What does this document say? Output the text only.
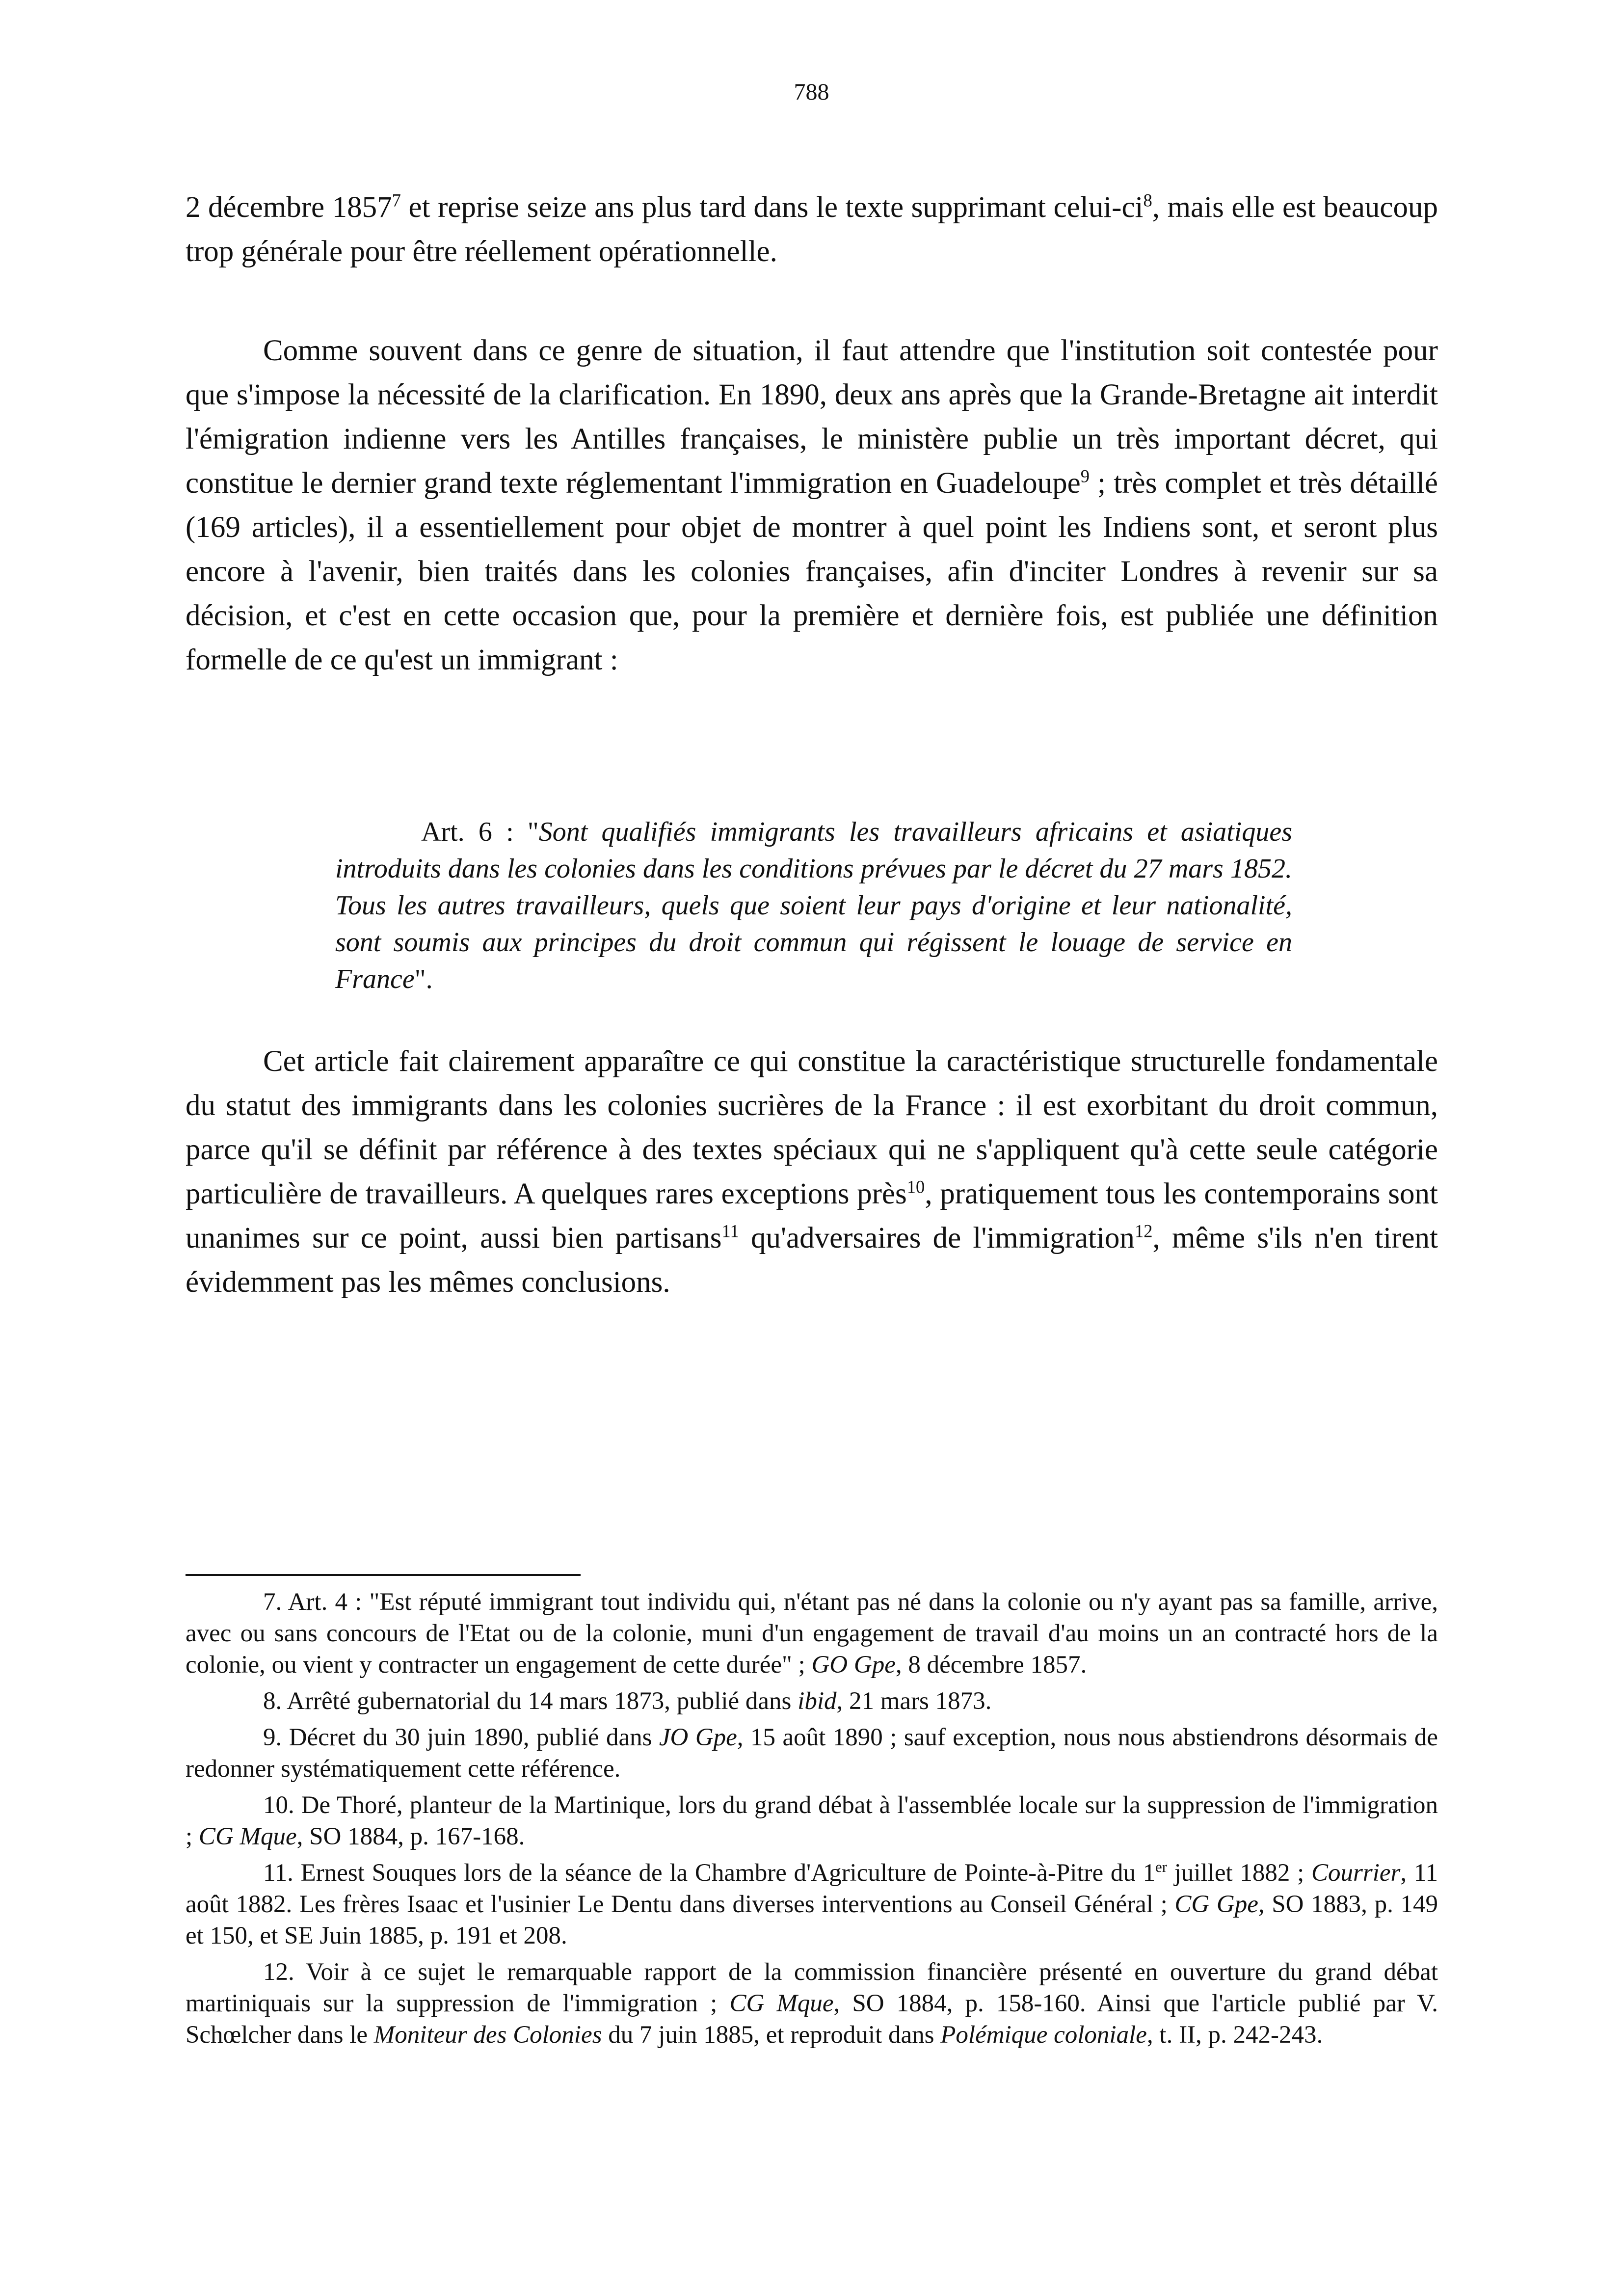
788

2 décembre 1857$^7$ et reprise seize ans plus tard dans le texte supprimant celui-$ci^8$, mais elle est beaucoup trop générale pour être réellement opérationnelle.

Comme souvent dans ce genre de situation, il faut attendre que l'institution soit contestée pour que s'impose la nécessité de la clarification. En 1890, deux ans après que la Grande-Bretagne ait interdit l'émigration indienne vers les Antilles françaises, le ministère publie un très important décret, qui constitue le dernier grand texte réglementant l'immigration en Guadeloupe$^9$ ; très complet et très détaillé (169 articles), il a essentiellement pour objet de montrer à quel point les Indiens sont, et seront plus encore à l'avenir, bien traités dans les colonies françaises, afin d'inciter Londres à revenir sur sa décision, et c'est en cette occasion que, pour la première et dernière fois, est publiée une définition formelle de ce qu'est un immigrant :

Art. 6 : "Sont qualifiés immigrants les travailleurs africains et asiatiques introduits dans les colonies dans les conditions prévues par le décret du 27 mars 1852. Tous les autres travailleurs, quels que soient leur pays d'origine et leur nationalité, sont soumis aux principes du droit commun qui régissent le louage de service en France".

Cet article fait clairement apparaître ce qui constitue la caractéristique structurelle fondamentale du statut des immigrants dans les colonies sucrières de la France : il est exorbitant du droit commun, parce qu'il se définit par référence à des textes spéciaux qui ne s'appliquent qu'à cette seule catégorie particulière de travailleurs. A quelques rares exceptions près$^{10}$, pratiquement tous les contemporains sont unanimes sur ce point, aussi bien partisans$^{11}$ qu'adversaires de l'immigration$^{12}$, même s'ils n'en tirent évidemment pas les mêmes conclusions.

7. Art. 4 : "Est réputé immigrant tout individu qui, n'étant pas né dans la colonie ou n'y ayant pas sa famille, arrive, avec ou sans concours de l'Etat ou de la colonie, muni d'un engagement de travail d'au moins un an contracté hors de la colonie, ou vient y contracter un engagement de cette durée" ; GO Gpe, 8 décembre 1857.

8. Arrêté gubernatorial du 14 mars 1873, publié dans ibid, 21 mars 1873.

9. Décret du 30 juin 1890, publié dans JO Gpe, 15 août 1890 ; sauf exception, nous nous abstiendrons désormais de redonner systématiquement cette référence.

10. De Thoré, planteur de la Martinique, lors du grand débat à l'assemblée locale sur la suppression de l'immigration ; CG Mque, SO 1884, p. 167-168.

11. Ernest Souques lors de la séance de la Chambre d'Agriculture de Pointe-à-Pitre du 1er juillet 1882 ; Courrier, 11 août 1882. Les frères Isaac et l'usinier Le Dentu dans diverses interventions au Conseil Général ; CG Gpe, SO 1883, p. 149 et 150, et SE Juin 1885, p. 191 et 208.

12. Voir à ce sujet le remarquable rapport de la commission financière présenté en ouverture du grand débat martiniquais sur la suppression de l'immigration ; CG Mque, SO 1884, p. 158-160. Ainsi que l'article publié par V. Schœlcher dans le Moniteur des Colonies du 7 juin 1885, et reproduit dans Polémique coloniale, t. II, p. 242-243.
